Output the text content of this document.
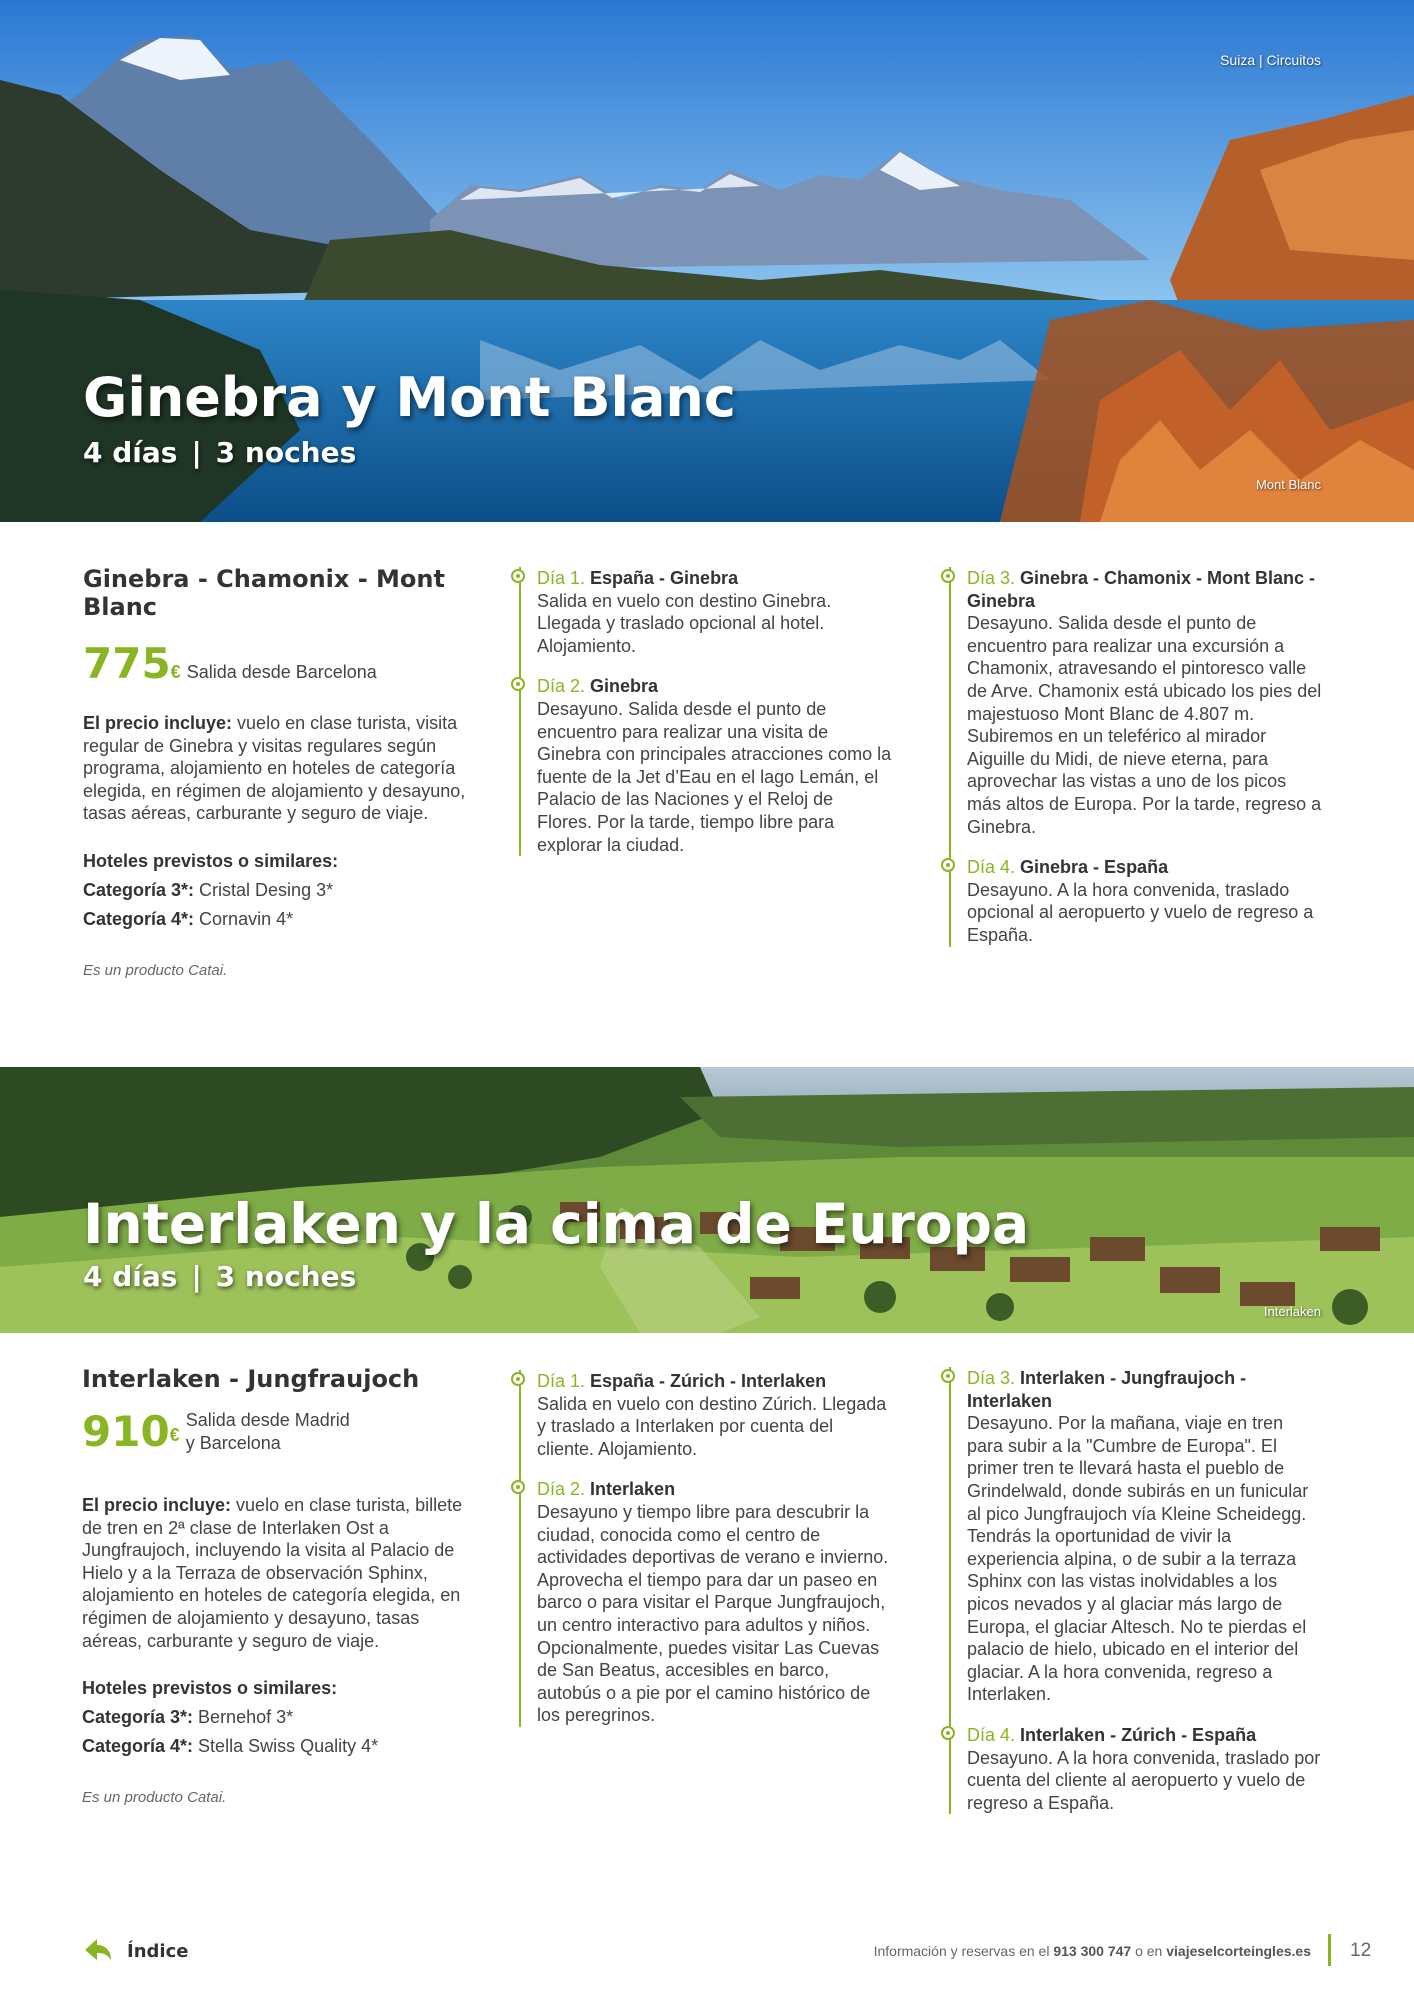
Suiza | Circuitos
Ginebra y Mont Blanc
4 días | 3 noches
Mont Blanc
Ginebra - Chamonix - Mont Blanc
775 € Salida desde Barcelona
El precio incluye: vuelo en clase turista, visita regular de Ginebra y visitas regulares según programa, alojamiento en hoteles de categoría elegida, en régimen de alojamiento y desayuno, tasas aéreas, carburante y seguro de viaje.
Hoteles previstos o similares:
Categoría 3*: Cristal Desing 3*
Categoría 4*: Cornavin 4*
Es un producto Catai.
Día 1. España - Ginebra
Salida en vuelo con destino Ginebra. Llegada y traslado opcional al hotel. Alojamiento.
Día 2. Ginebra
Desayuno. Salida desde el punto de encuentro para realizar una visita de Ginebra con principales atracciones como la fuente de la Jet d’Eau en el lago Lemán, el Palacio de las Naciones y el Reloj de Flores. Por la tarde, tiempo libre para explorar la ciudad.
Día 3. Ginebra - Chamonix - Mont Blanc - Ginebra
Desayuno. Salida desde el punto de encuentro para realizar una excursión a Chamonix, atravesando el pintoresco valle de Arve. Chamonix está ubicado los pies del majestuoso Mont Blanc de 4.807 m. Subiremos en un teleférico al mirador Aiguille du Midi, de nieve eterna, para aprovechar las vistas a uno de los picos más altos de Europa. Por la tarde, regreso a Ginebra.
Día 4. Ginebra - España
Desayuno. A la hora convenida, traslado opcional al aeropuerto y vuelo de regreso a España.
Interlaken y la cima de Europa
4 días | 3 noches
Interlaken
Interlaken - Jungfraujoch
910 €
Salida desde Madrid
y Barcelona
El precio incluye: vuelo en clase turista, billete de tren en 2ª clase de Interlaken Ost a Jungfraujoch, incluyendo la visita al Palacio de Hielo y a la Terraza de observación Sphinx, alojamiento en hoteles de categoría elegida, en régimen de alojamiento y desayuno, tasas aéreas, carburante y seguro de viaje.
Hoteles previstos o similares:
Categoría 3*: Bernehof 3*
Categoría 4*: Stella Swiss Quality 4*
Es un producto Catai.
Día 1. España - Zúrich - Interlaken
Salida en vuelo con destino Zúrich. Llegada y traslado a Interlaken por cuenta del cliente. Alojamiento.
Día 2. Interlaken
Desayuno y tiempo libre para descubrir la ciudad, conocida como el centro de actividades deportivas de verano e invierno. Aprovecha el tiempo para dar un paseo en barco o para visitar el Parque Jungfraujoch, un centro interactivo para adultos y niños. Opcionalmente, puedes visitar Las Cuevas de San Beatus, accesibles en barco, autobús o a pie por el camino histórico de los peregrinos.
Día 3. Interlaken - Jungfraujoch - Interlaken
Desayuno. Por la mañana, viaje en tren para subir a la "Cumbre de Europa". El primer tren te llevará hasta el pueblo de Grindelwald, donde subirás en un funicular al pico Jungfraujoch vía Kleine Scheidegg. Tendrás la oportunidad de vivir la experiencia alpina, o de subir a la terraza Sphinx con las vistas inolvidables a los picos nevados y al glaciar más largo de Europa, el glaciar Altesch. No te pierdas el palacio de hielo, ubicado en el interior del glaciar. A la hora convenida, regreso a Interlaken.
Día 4. Interlaken - Zúrich - España
Desayuno. A la hora convenida, traslado por cuenta del cliente al aeropuerto y vuelo de regreso a España.
Índice	Información y reservas en el 913 300 747 o en viajeselcorteingles.es 12
